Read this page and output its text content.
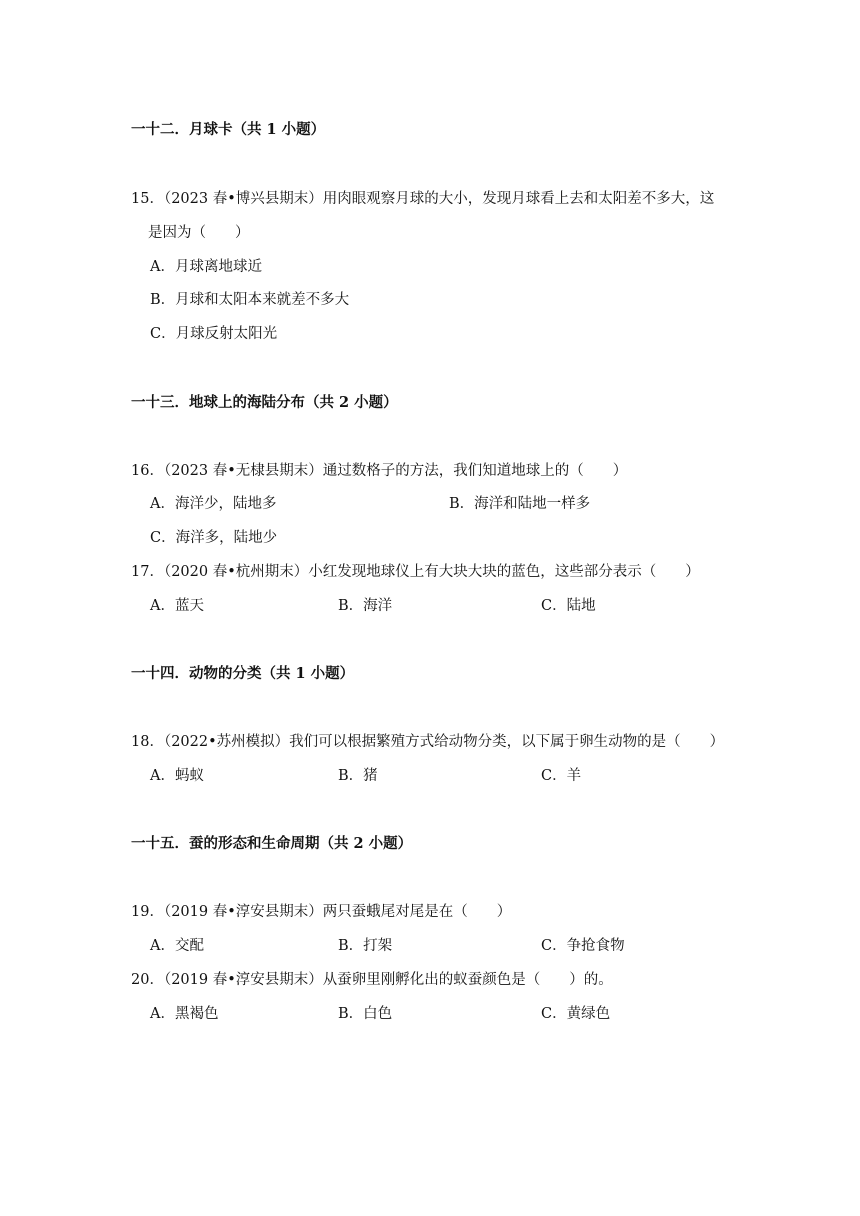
一十二．月球卡（共 1 小题）
15．（2023 春•博兴县期末）用肉眼观察月球的大小，发现月球看上去和太阳差不多大，这
是因为（　　）
A．月球离地球近
B．月球和太阳本来就差不多大
C．月球反射太阳光
一十三．地球上的海陆分布（共 2 小题）
16．（2023 春•无棣县期末）通过数格子的方法，我们知道地球上的（　　）
A．海洋少，陆地多	B．海洋和陆地一样多
C．海洋多，陆地少
17．（2020 春•杭州期末）小红发现地球仪上有大块大块的蓝色，这些部分表示（　　）
A．蓝天	B．海洋	C．陆地
一十四．动物的分类（共 1 小题）
18．（2022•苏州模拟）我们可以根据繁殖方式给动物分类，以下属于卵生动物的是（　　）
A．蚂蚁	B．猪	C．羊
一十五．蚕的形态和生命周期（共 2 小题）
19．（2019 春•淳安县期末）两只蚕蛾尾对尾是在（　　）
A．交配	B．打架	C．争抢食物
20．（2019 春•淳安县期末）从蚕卵里刚孵化出的蚁蚕颜色是（　　）的。
A．黑褐色	B．白色	C．黄绿色
